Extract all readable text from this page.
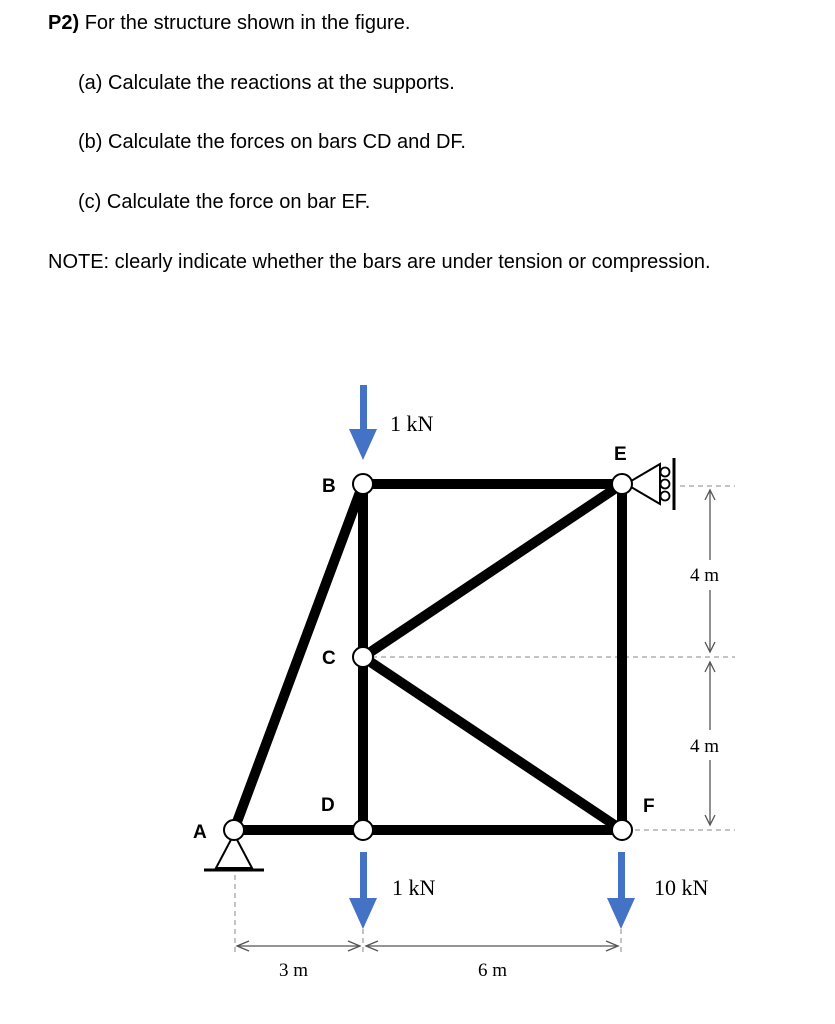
P2) For the structure shown in the figure.

(a) Calculate the reactions at the supports.

(b) Calculate the forces on bars CD and DF.

(c) Calculate the force on bar EF.

NOTE: clearly indicate whether the bars are under tension or compression.

A
B
C
D
E
F
1 kN
1 kN	10 kN
4 m
4 m
3 m	6 m
